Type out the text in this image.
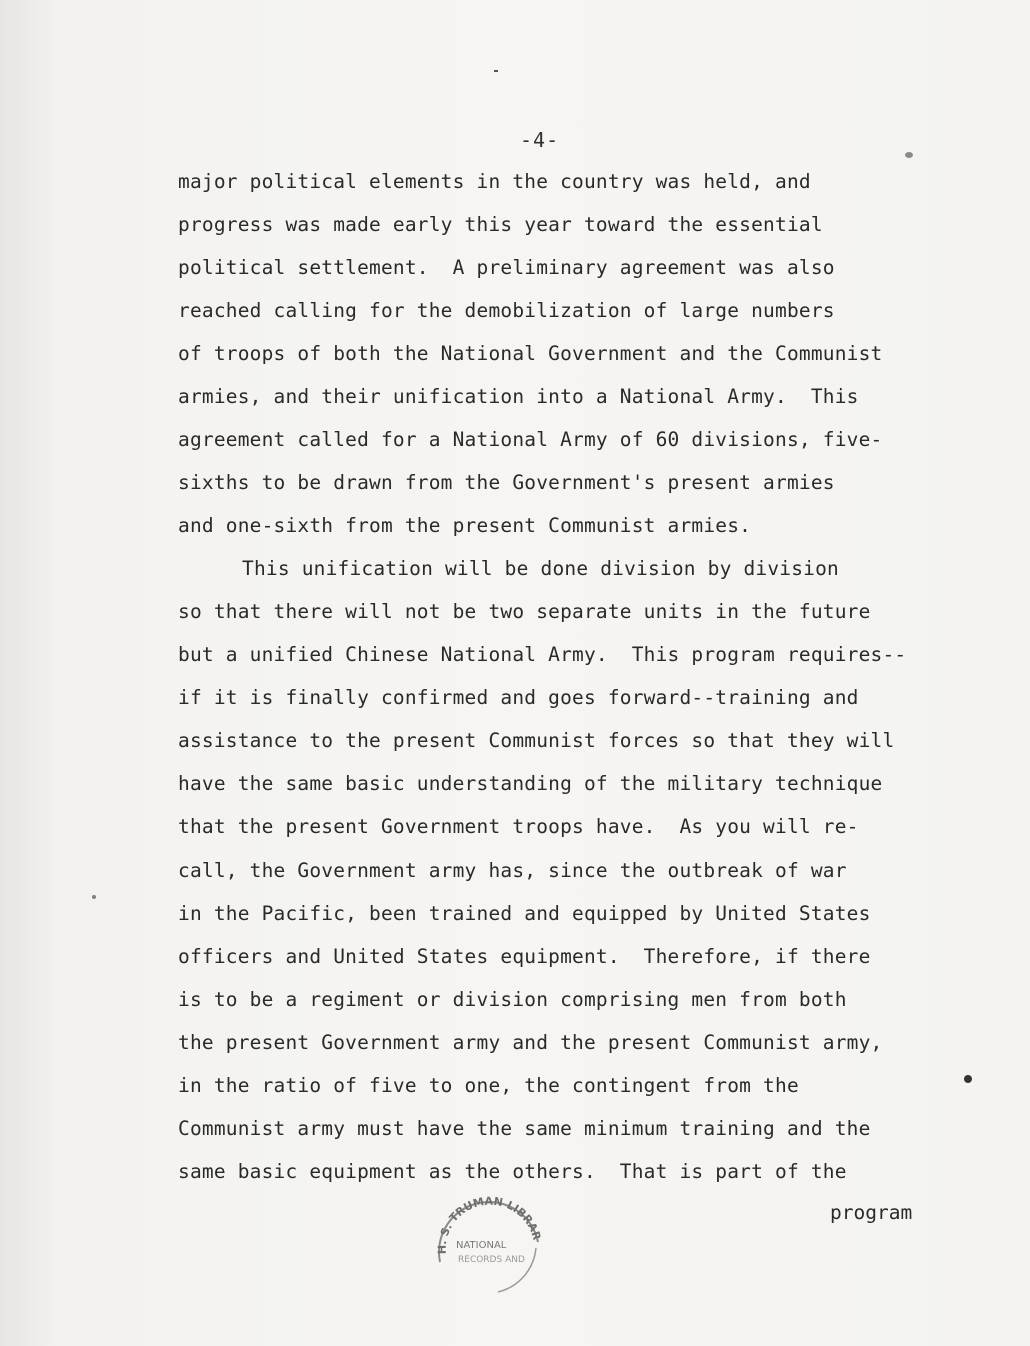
-4-
major political elements in the country was held, and
progress was made early this year toward the essential
political settlement.  A preliminary agreement was also
reached calling for the demobilization of large numbers
of troops of both the National Government and the Communist
armies, and their unification into a National Army.  This
agreement called for a National Army of 60 divisions, five-
sixths to be drawn from the Government's present armies
and one-sixth from the present Communist armies.
This unification will be done division by division
so that there will not be two separate units in the future
but a unified Chinese National Army.  This program requires--
if it is finally confirmed and goes forward--training and
assistance to the present Communist forces so that they will
have the same basic understanding of the military technique
that the present Government troops have.  As you will re-
call, the Government army has, since the outbreak of war
in the Pacific, been trained and equipped by United States
officers and United States equipment.  Therefore, if there
is to be a regiment or division comprising men from both
the present Government army and the present Communist army,
in the ratio of five to one, the contingent from the
Communist army must have the same minimum training and the
same basic equipment as the others.  That is part of the
program
H. S. TRUMAN LIBRAR
NATIONAL
RECORDS AND
